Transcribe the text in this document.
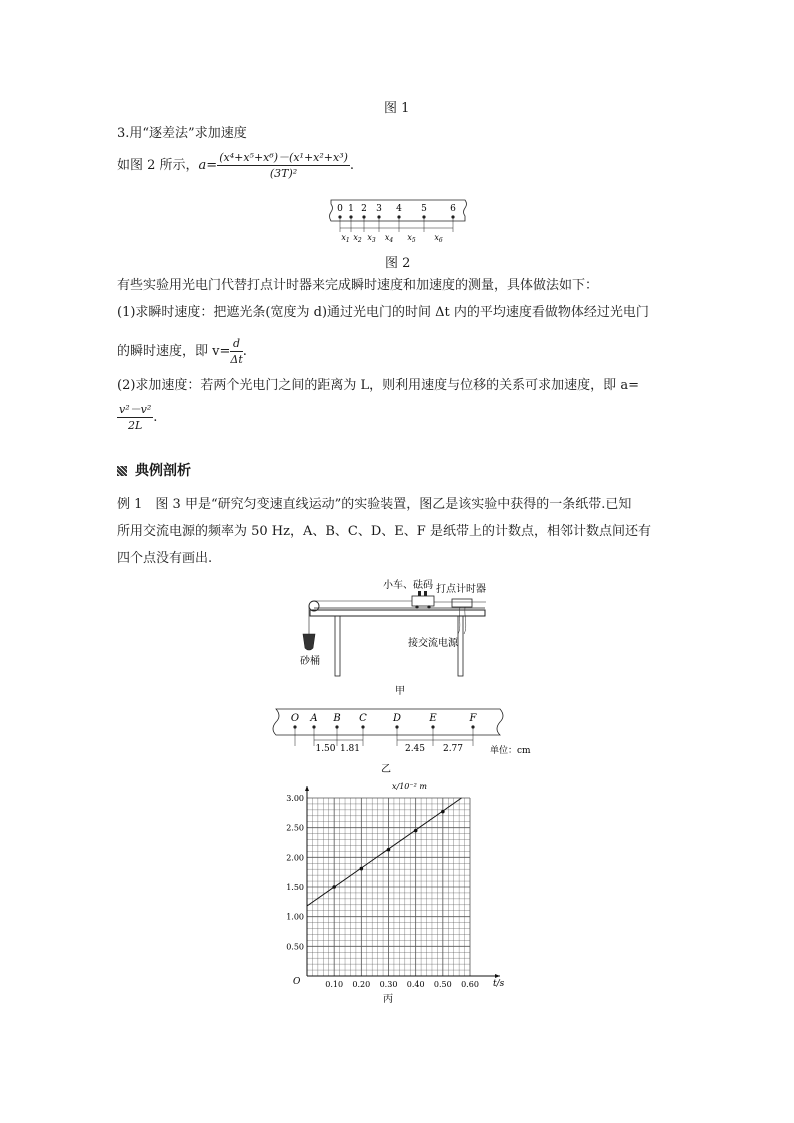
图 1
3.用“逐差法”求加速度
如图 2 所示，$a= \frac{\text{(x⁴+x⁵+x⁶)－(x¹+x²+x³)}}{\text{(3T)²}}$ .
0 1 2 3 4 5	6
$x_1$ $x_2$ $x_3$ $x_4$ $x_5$ $x_6$
图 2
有些实验用光电门代替打点计时器来完成瞬时速度和加速度的测量，具体做法如下：
(1)求瞬时速度：把遮光条(宽度为 d)通过光电门的时间 Δt 内的平均速度看做物体经过光电门
的瞬时速度，即 $v= \frac{d}{\Delta t}$ .
(2)求加速度：若两个光电门之间的距离为 L，则利用速度与位移的关系可求加速度，即 a=
$\frac{\text{v²－v²}}{2L}$ .
典例剖析
例 1　图 3 甲是“研究匀变速直线运动”的实验装置，图乙是该实验中获得的一条纸带.已知
所用交流电源的频率为 50 Hz，A、B、C、D、E、F 是纸带上的计数点，相邻计数点间还有
四个点没有画出.
小车、砝码 打点计时器
接交流电源
砂桶
甲
O A B C	D	E	F
1.50 1.81	2.45 2.77	单位：cm
乙
0.10 0.20 0.30 0.40 0.50 0.60
0.50
1.00
1.50
2.00
2.50
3.00
x/10⁻² m
t/s
O
丙
